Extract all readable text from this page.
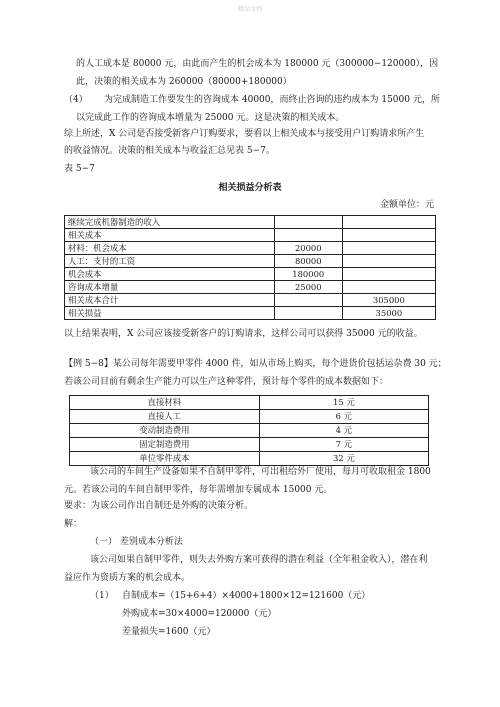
精品文档

的人工成本是 80000 元，由此而产生的机会成本为 180000 元（300000−120000），因

此，决策的相关成本为 260000（80000+180000）

（4） 为完成制造工作要发生的咨询成本 40000，而终止咨询的违约成本为 15000 元，所

以完成此工作的咨询成本增量为 25000 元。这是决策的相关成本。

综上所述，X 公司是否接受新客户订购要求，要看以上相关成本与接受用户订购请求所产生

的收益情况。决策的相关成本与收益汇总见表 5−7。

表 5−7

相关损益分析表
金额单位：元
继续完成机器制造的收入		
相关成本		
材料：机会成本	20000	
人工：支付的工资	80000	
机会成本	180000	
咨询成本增量	25000	
相关成本合计		305000
相关损益		35000

以上结果表明，X 公司应该接受新客户的订购请求，这样公司可以获得 35000 元的收益。

【例 5−8】某公司每年需要甲零件 4000 件，如从市场上购买，每个进货价包括运杂费 30 元；

若该公司目前有剩余生产能力可以生产这种零件，预计每个零件的成本数据如下：

直接材料	15 元
直接人工	6 元
变动制造费用	4 元
固定制造费用	7 元
单位零件成本	32 元

该公司的车间生产设备如果不自制甲零件，可出租给外厂使用，每月可收取租金 1800

元。若该公司的车间自制甲零件，每年需增加专属成本 15000 元。

要求：为该公司作出自制还是外购的决策分析。

解：

（一） 差别成本分析法

该公司如果自制甲零件，则失去外购方案可获得的潜在利益（全年租金收入），潜在利

益应作为资质方案的机会成本。

（1） 自制成本=（15+6+4）×4000+1800×12=121600（元）

外购成本=30×4000=120000（元）

差量损失=1600（元）
